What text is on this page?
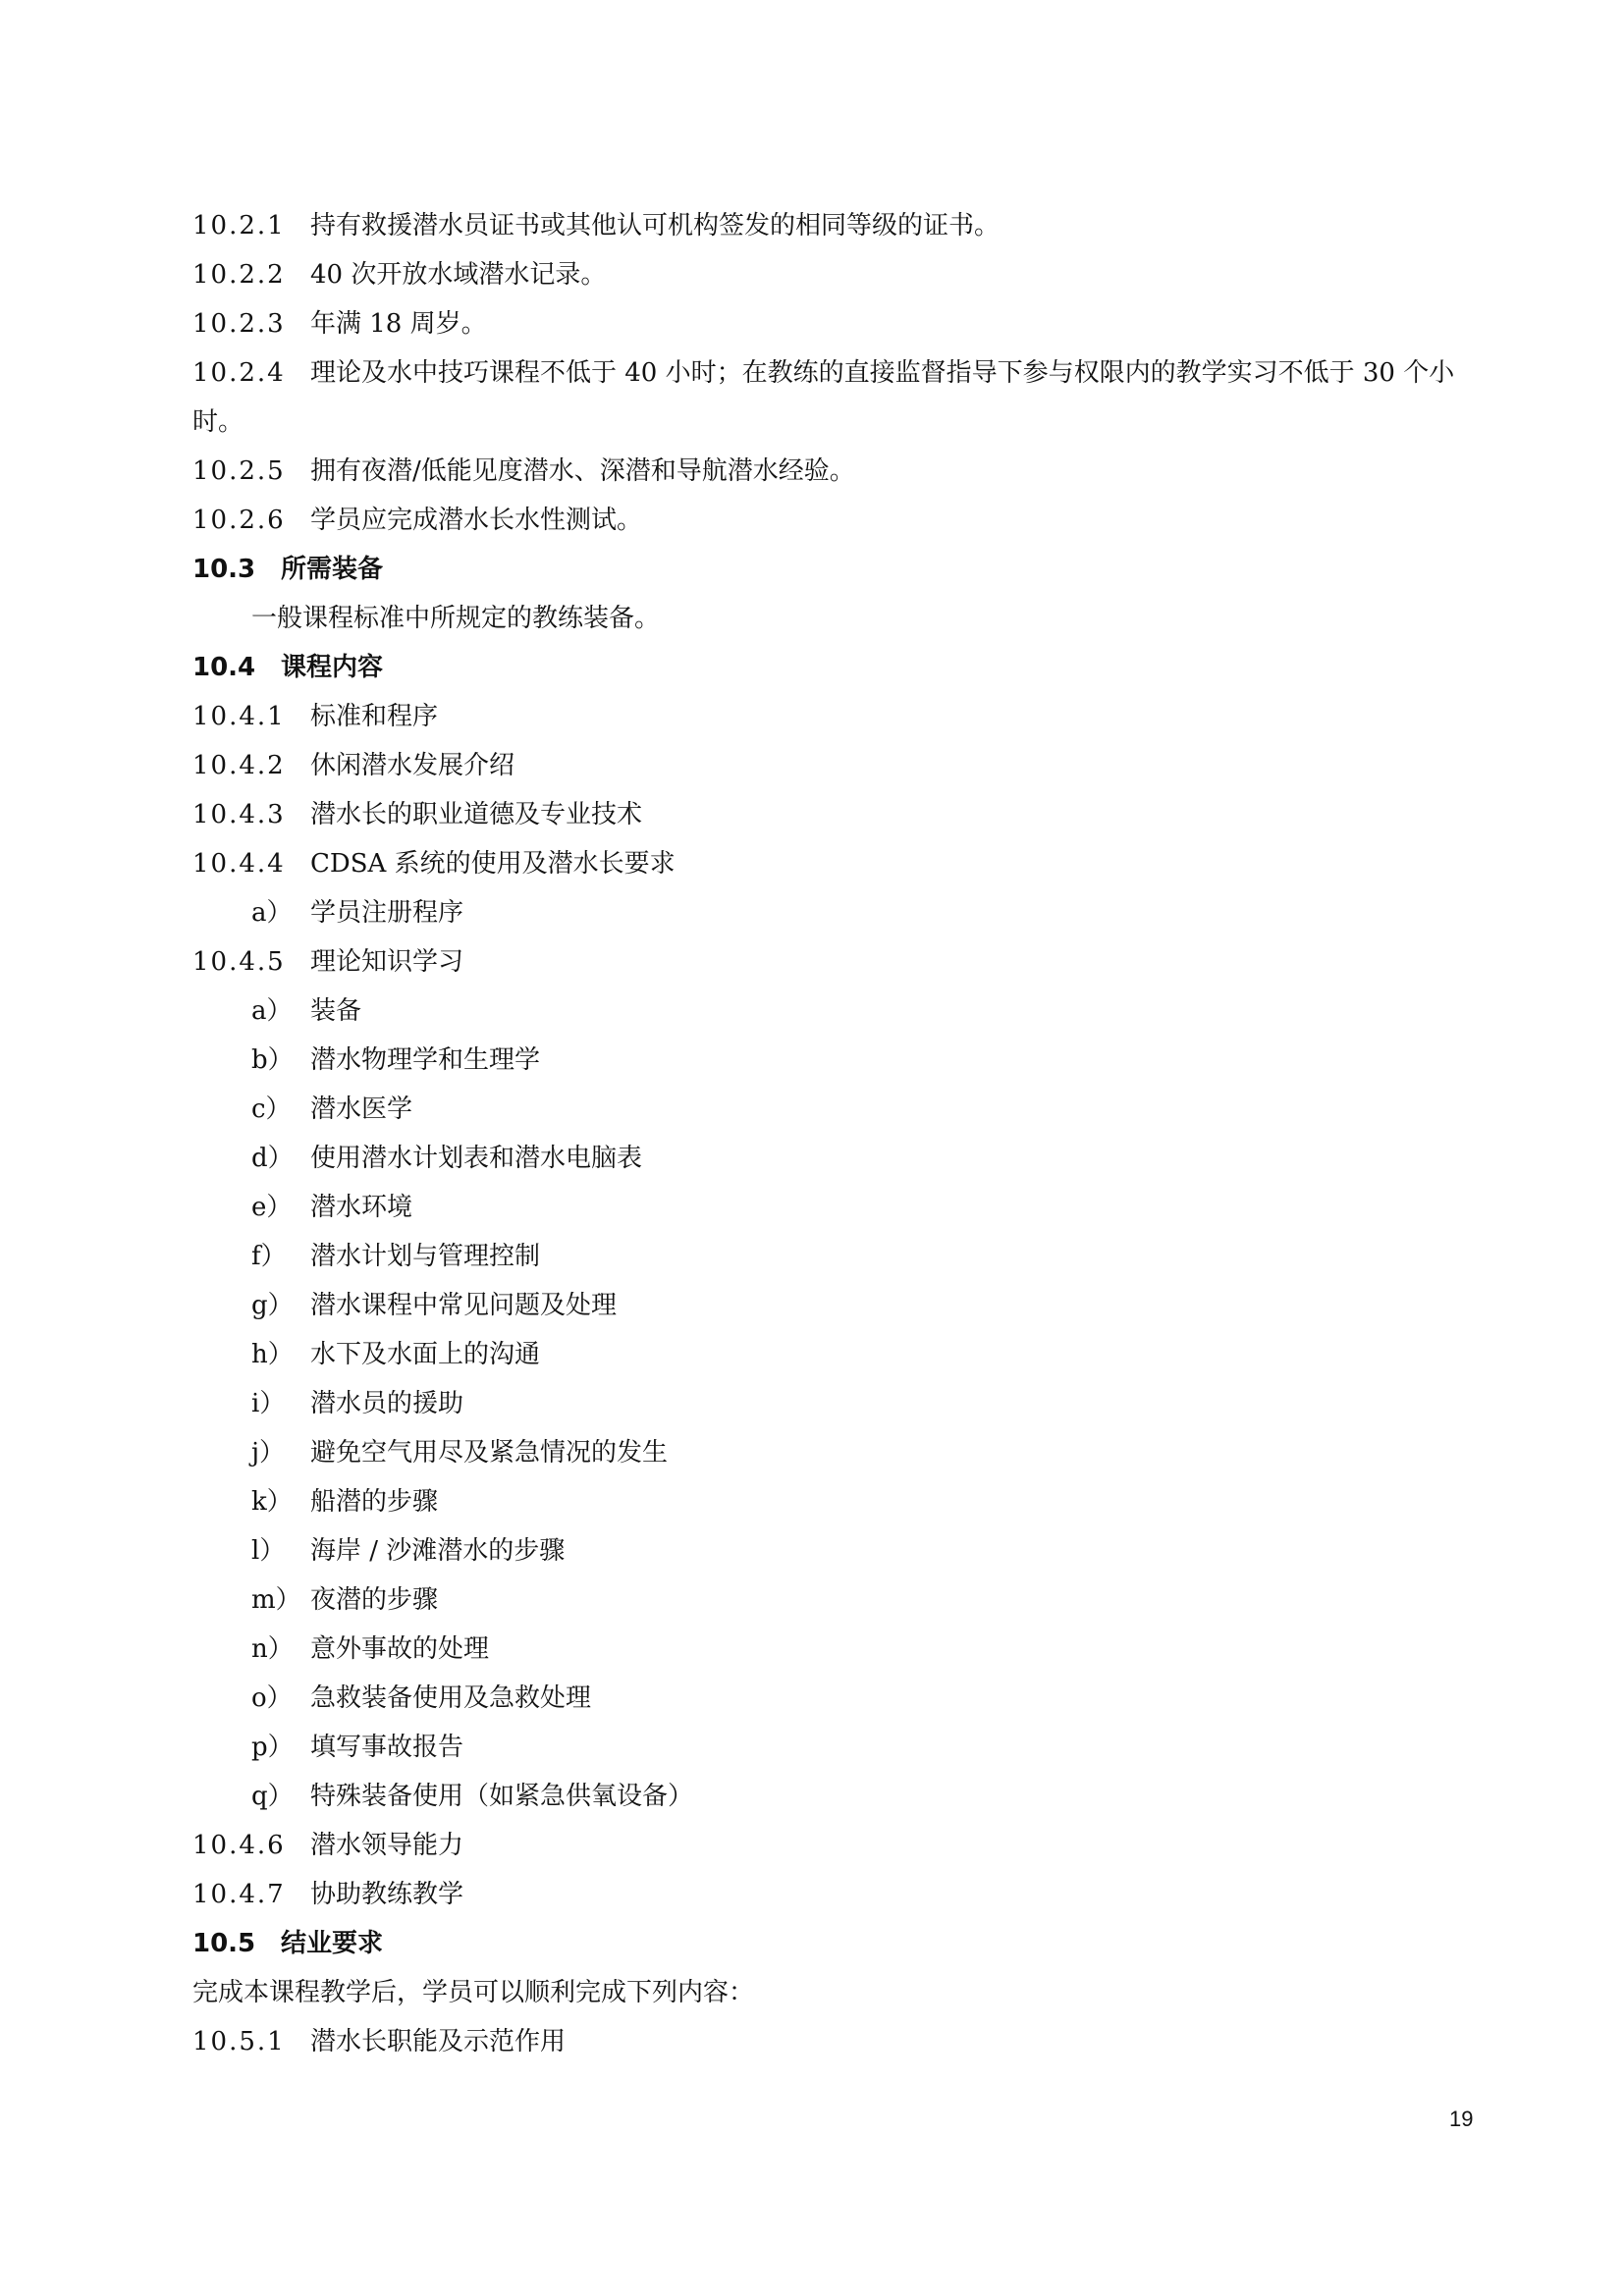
10.2.1 持有救援潜水员证书或其他认可机构签发的相同等级的证书。
10.2.2 40 次开放水域潜水记录。
10.2.3 年满 18 周岁。
10.2.4 理论及水中技巧课程不低于 40 小时；在教练的直接监督指导下参与权限内的教学实习不低于 30 个小时。
10.2.5 拥有夜潜/低能见度潜水、深潜和导航潜水经验。
10.2.6 学员应完成潜水长水性测试。
10.3 所需装备
一般课程标准中所规定的教练装备。
10.4 课程内容
10.4.1 标准和程序
10.4.2 休闲潜水发展介绍
10.4.3 潜水长的职业道德及专业技术
10.4.4 CDSA 系统的使用及潜水长要求
a） 学员注册程序
10.4.5 理论知识学习
a） 装备
b） 潜水物理学和生理学
c） 潜水医学
d） 使用潜水计划表和潜水电脑表
e） 潜水环境
f） 潜水计划与管理控制
g） 潜水课程中常见问题及处理
h） 水下及水面上的沟通
i） 潜水员的援助
j） 避免空气用尽及紧急情况的发生
k） 船潜的步骤
l） 海岸 / 沙滩潜水的步骤
m） 夜潜的步骤
n） 意外事故的处理
o） 急救装备使用及急救处理
p） 填写事故报告
q） 特殊装备使用（如紧急供氧设备）
10.4.6 潜水领导能力
10.4.7 协助教练教学
10.5 结业要求
完成本课程教学后，学员可以顺利完成下列内容：
10.5.1 潜水长职能及示范作用
19
